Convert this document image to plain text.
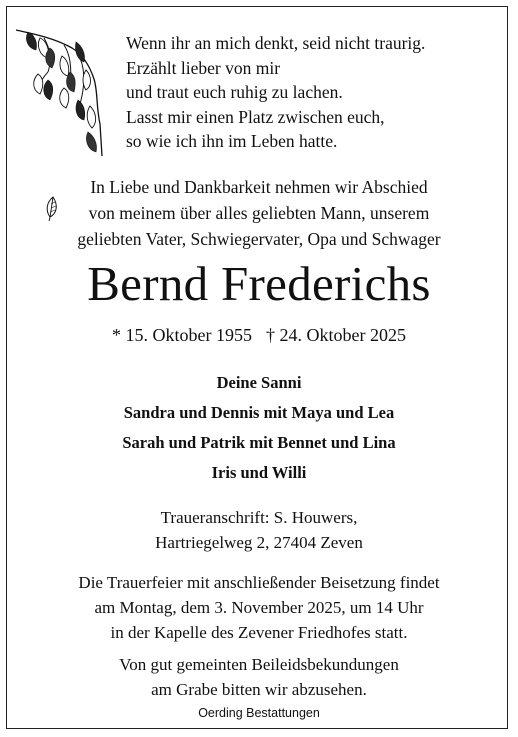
Wenn ihr an mich denkt, seid nicht traurig.
Erzählt lieber von mir
und traut euch ruhig zu lachen.
Lasst mir einen Platz zwischen euch,
so wie ich ihn im Leben hatte.
In Liebe und Dankbarkeit nehmen wir Abschied
von meinem über alles geliebten Mann, unserem
geliebten Vater, Schwiegervater, Opa und Schwager
Bernd Frederichs
* 15. Oktober 1955 † 24. Oktober 2025
Deine Sanni
Sandra und Dennis mit Maya und Lea
Sarah und Patrik mit Bennet und Lina
Iris und Willi
Traueranschrift: S. Houwers,
Hartriegelweg 2, 27404 Zeven
Die Trauerfeier mit anschließender Beisetzung findet
am Montag, dem 3. November 2025, um 14 Uhr
in der Kapelle des Zevener Friedhofes statt.
Von gut gemeinten Beileidsbekundungen
am Grabe bitten wir abzusehen.
Oerding Bestattungen
